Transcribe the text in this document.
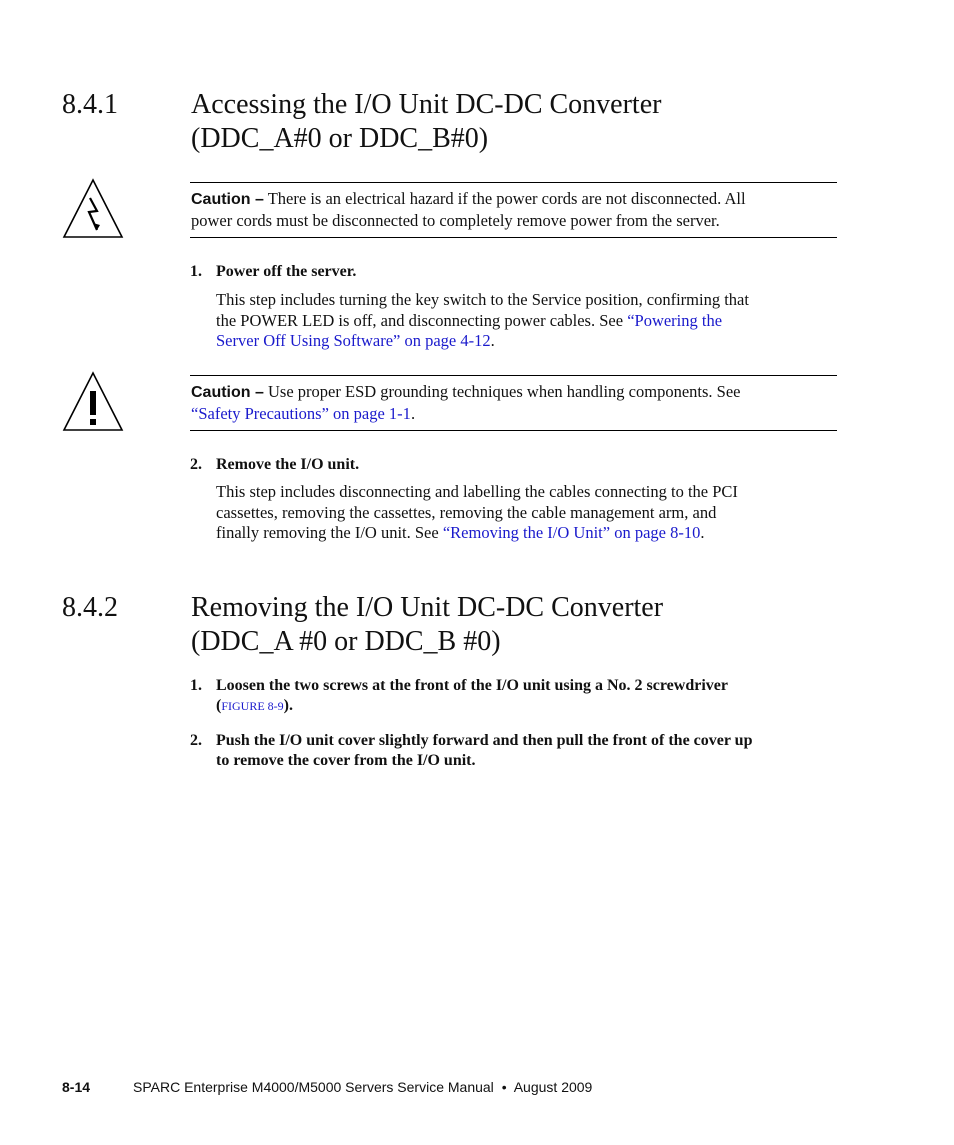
8.4.1	Accessing the I/O Unit DC-DC Converter
(DDC_A#0 or DDC_B#0)
Caution – There is an electrical hazard if the power cords are not disconnected. All
power cords must be disconnected to completely remove power from the server.
1. Power off the server.
This step includes turning the key switch to the Service position, confirming that
the POWER LED is off, and disconnecting power cables. See “Powering the
Server Off Using Software” on page 4-12.
Caution – Use proper ESD grounding techniques when handling components. See
“Safety Precautions” on page 1-1.
2. Remove the I/O unit.
This step includes disconnecting and labelling the cables connecting to the PCI
cassettes, removing the cassettes, removing the cable management arm, and
finally removing the I/O unit. See “Removing the I/O Unit” on page 8-10.
8.4.2	Removing the I/O Unit DC-DC Converter
(DDC_A #0 or DDC_B #0)
1. Loosen the two screws at the front of the I/O unit using a No. 2 screwdriver
(FIGURE 8-9).
2. Push the I/O unit cover slightly forward and then pull the front of the cover up
to remove the cover from the I/O unit.
8-14	SPARC Enterprise M4000/M5000 Servers Service Manual • August 2009
